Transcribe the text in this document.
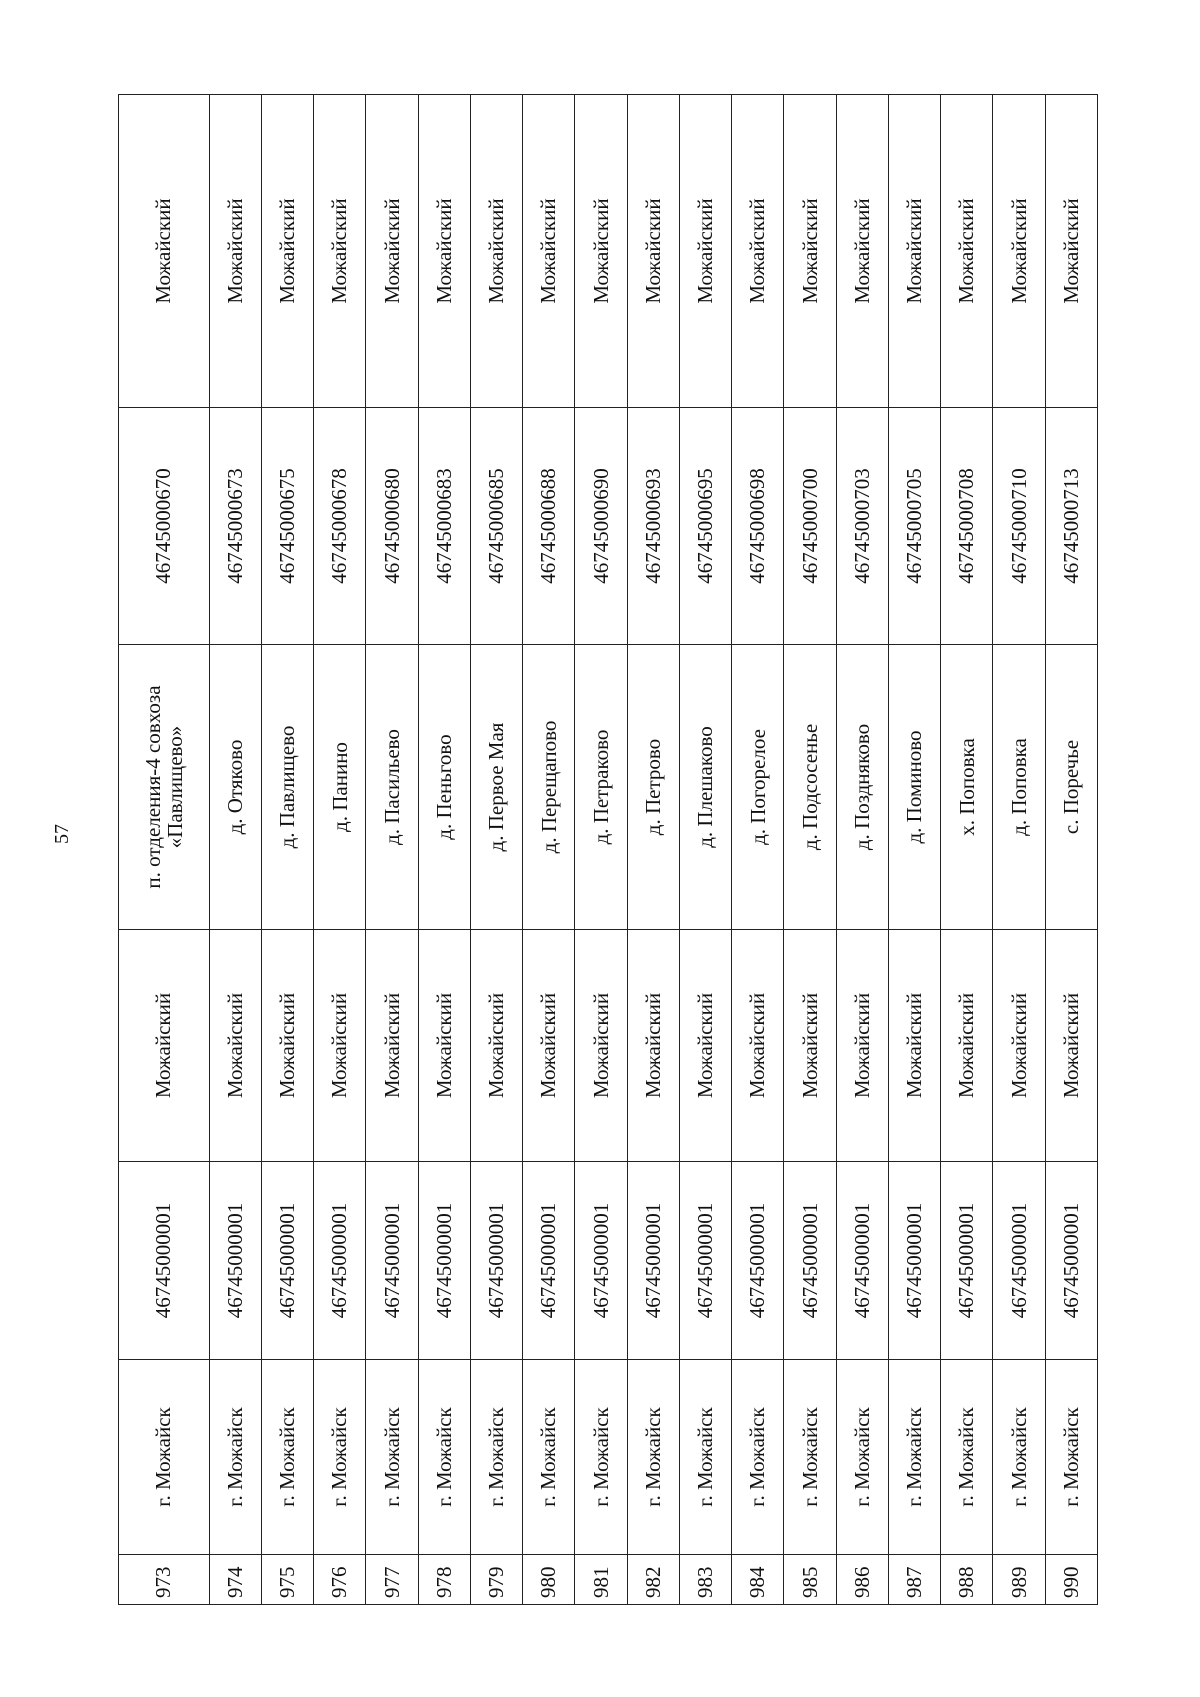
57
973	г. Можайск	46745000001	Можайский	п. отделения-4 совхоза «Павлищево»	46745000670	Можайский
974	г. Можайск	46745000001	Можайский	д. Отяково	46745000673	Можайский
975	г. Можайск	46745000001	Можайский	д. Павлищево	46745000675	Можайский
976	г. Можайск	46745000001	Можайский	д. Панино	46745000678	Можайский
977	г. Можайск	46745000001	Можайский	д. Пасильево	46745000680	Можайский
978	г. Можайск	46745000001	Можайский	д. Пеньгово	46745000683	Можайский
979	г. Можайск	46745000001	Можайский	д. Первое Мая	46745000685	Можайский
980	г. Можайск	46745000001	Можайский	д. Перещапово	46745000688	Можайский
981	г. Можайск	46745000001	Можайский	д. Петраково	46745000690	Можайский
982	г. Можайск	46745000001	Можайский	д. Петрово	46745000693	Можайский
983	г. Можайск	46745000001	Можайский	д. Плешаково	46745000695	Можайский
984	г. Можайск	46745000001	Можайский	д. Погорелое	46745000698	Можайский
985	г. Можайск	46745000001	Можайский	д. Подсосенье	46745000700	Можайский
986	г. Можайск	46745000001	Можайский	д. Поздняково	46745000703	Можайский
987	г. Можайск	46745000001	Можайский	д. Поминово	46745000705	Можайский
988	г. Можайск	46745000001	Можайский	х. Поповка	46745000708	Можайский
989	г. Можайск	46745000001	Можайский	д. Поповка	46745000710	Можайский
990	г. Можайск	46745000001	Можайский	с. Поречье	46745000713	Можайский
